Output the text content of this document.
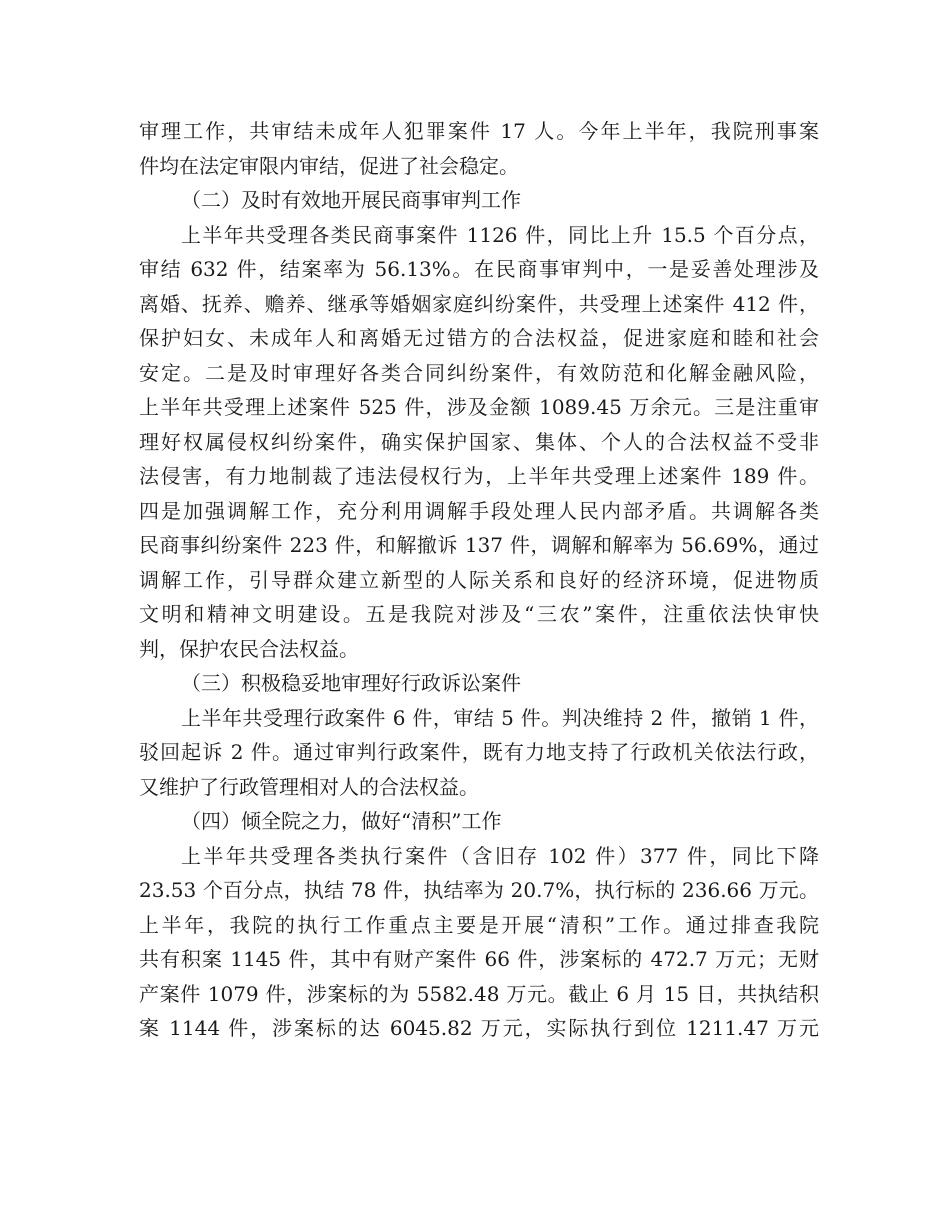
审理工作，共审结未成年人犯罪案件 17 人。今年上半年，我院刑事案
件均在法定审限内审结，促进了社会稳定。
（二）及时有效地开展民商事审判工作
上半年共受理各类民商事案件 1126 件，同比上升 15.5 个百分点，
审结 632 件，结案率为 56.13%。在民商事审判中，一是妥善处理涉及
离婚、抚养、赡养、继承等婚姻家庭纠纷案件，共受理上述案件 412 件，
保护妇女、未成年人和离婚无过错方的合法权益，促进家庭和睦和社会
安定。二是及时审理好各类合同纠纷案件，有效防范和化解金融风险，
上半年共受理上述案件 525 件，涉及金额 1089.45 万余元。三是注重审
理好权属侵权纠纷案件，确实保护国家、集体、个人的合法权益不受非
法侵害，有力地制裁了违法侵权行为，上半年共受理上述案件 189 件。
四是加强调解工作，充分利用调解手段处理人民内部矛盾。共调解各类
民商事纠纷案件 223 件，和解撤诉 137 件，调解和解率为 56.69%，通过
调解工作，引导群众建立新型的人际关系和良好的经济环境，促进物质
文明和精神文明建设。五是我院对涉及“三农”案件，注重依法快审快
判，保护农民合法权益。
（三）积极稳妥地审理好行政诉讼案件
上半年共受理行政案件 6 件，审结 5 件。判决维持 2 件，撤销 1 件，
驳回起诉 2 件。通过审判行政案件，既有力地支持了行政机关依法行政，
又维护了行政管理相对人的合法权益。
（四）倾全院之力，做好“清积”工作
上半年共受理各类执行案件（含旧存 102 件）377 件，同比下降
23.53 个百分点，执结 78 件，执结率为 20.7%，执行标的 236.66 万元。
上半年，我院的执行工作重点主要是开展“清积”工作。通过排查我院
共有积案 1145 件，其中有财产案件 66 件，涉案标的 472.7 万元；无财
产案件 1079 件，涉案标的为 5582.48 万元。截止 6 月 15 日，共执结积
案 1144 件，涉案标的达 6045.82 万元，实际执行到位 1211.47 万元
